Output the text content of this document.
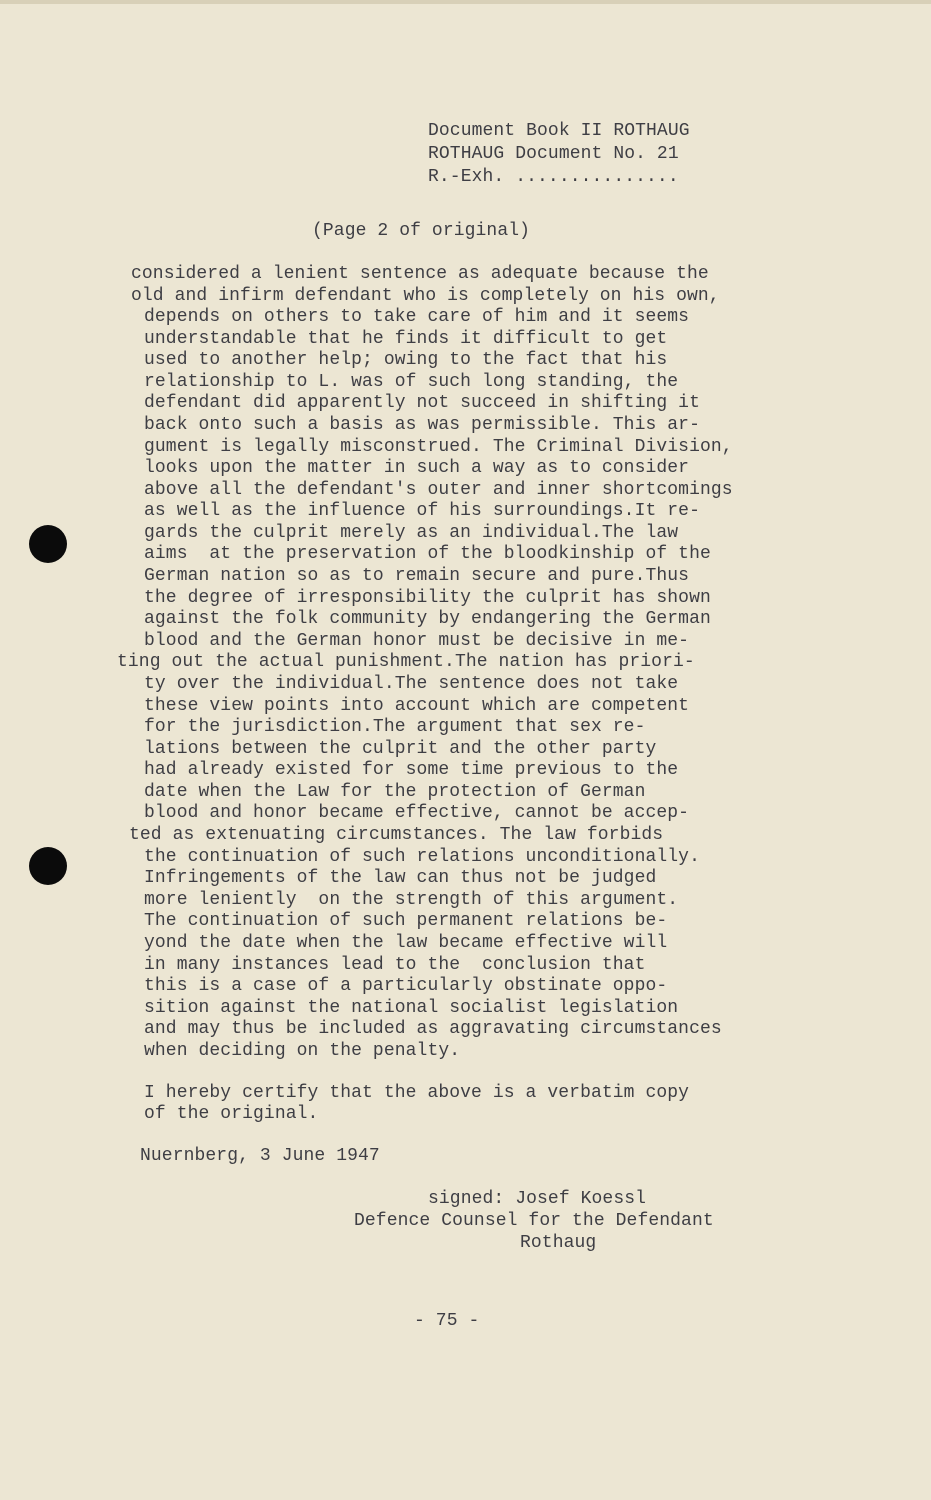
Document Book II ROTHAUG
ROTHAUG Document No. 21
R.-Exh. ...............
(Page 2 of original)
considered a lenient sentence as adequate because the
old and infirm defendant who is completely on his own,
depends on others to take care of him and it seems
understandable that he finds it difficult to get
used to another help; owing to the fact that his
relationship to L. was of such long standing, the
defendant did apparently not succeed in shifting it
back onto such a basis as was permissible. This ar-
gument is legally misconstrued. The Criminal Division,
looks upon the matter in such a way as to consider
above all the defendant's outer and inner shortcomings
as well as the influence of his surroundings.It re-
gards the culprit merely as an individual.The law
aims  at the preservation of the bloodkinship of the
German nation so as to remain secure and pure.Thus
the degree of irresponsibility the culprit has shown
against the folk community by endangering the German
blood and the German honor must be decisive in me-
ting out the actual punishment.The nation has priori-
ty over the individual.The sentence does not take
these view points into account which are competent
for the jurisdiction.The argument that sex re-
lations between the culprit and the other party
had already existed for some time previous to the
date when the Law for the protection of German
blood and honor became effective, cannot be accep-
ted as extenuating circumstances. The law forbids
the continuation of such relations unconditionally.
Infringements of the law can thus not be judged
more leniently  on the strength of this argument.
The continuation of such permanent relations be-
yond the date when the law became effective will
in many instances lead to the  conclusion that
this is a case of a particularly obstinate oppo-
sition against the national socialist legislation
and may thus be included as aggravating circumstances
when deciding on the penalty.
I hereby certify that the above is a verbatim copy
of the original.
Nuernberg, 3 June 1947
signed: Josef Koessl
Defence Counsel for the Defendant
Rothaug
- 75 -
